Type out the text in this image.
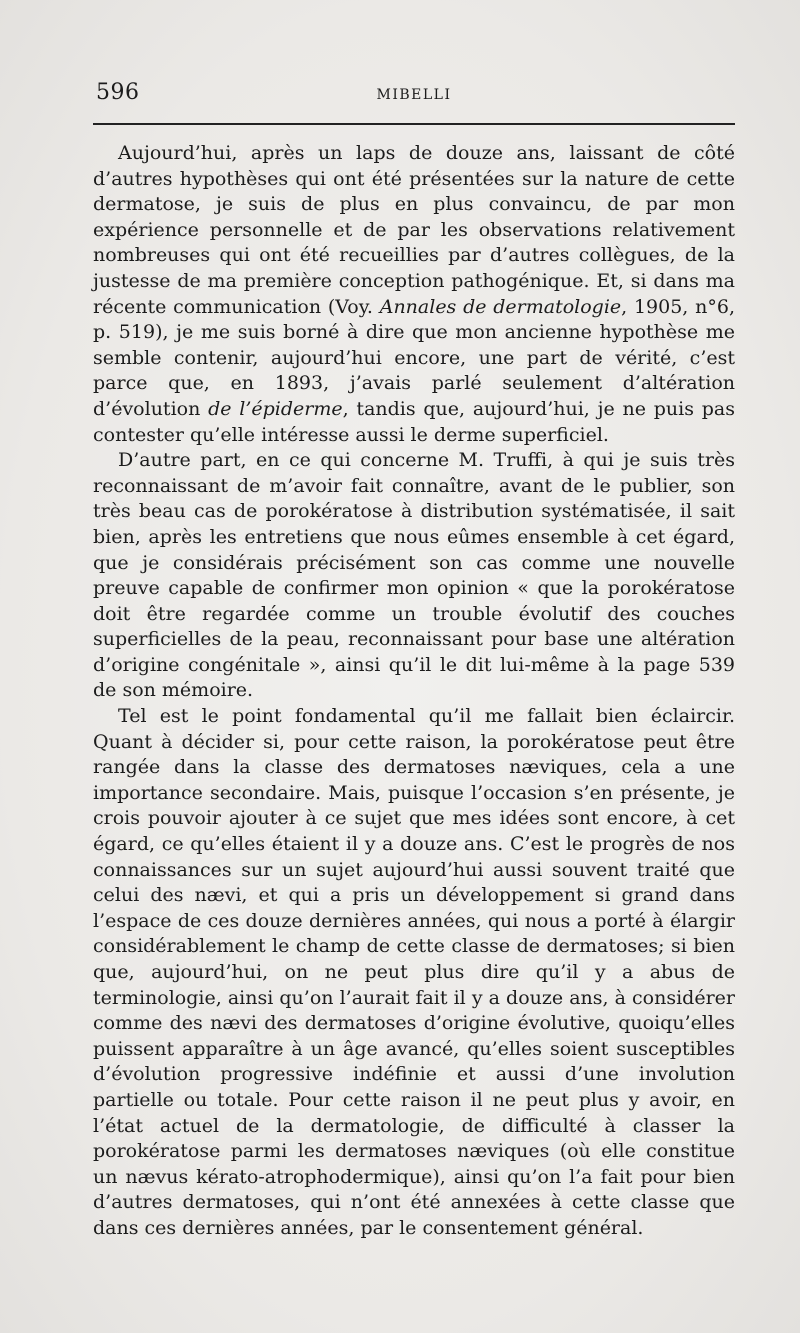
596	MIBELLI

Aujourd’hui, après un laps de douze ans, laissant de côté d’autres hypothèses qui ont été présentées sur la nature de cette dermatose, je suis de plus en plus convaincu, de par mon expérience personnelle et de par les observations relativement nombreuses qui ont été recueillies par d’autres collègues, de la justesse de ma première conception pathogénique. Et, si dans ma récente communication (Voy. Annales de dermatologie, 1905, n°6, p. 519), je me suis borné à dire que mon ancienne hypothèse me semble contenir, aujourd’hui encore, une part de vérité, c’est parce que, en 1893, j’avais parlé seulement d’altération d’évolution de l’épiderme, tandis que, aujourd’hui, je ne puis pas contester qu’elle intéresse aussi le derme superficiel.

D’autre part, en ce qui concerne M. Truffi, à qui je suis très reconnaissant de m’avoir fait connaître, avant de le publier, son très beau cas de porokératose à distribution systématisée, il sait bien, après les entretiens que nous eûmes ensemble à cet égard, que je considérais précisément son cas comme une nouvelle preuve capable de confirmer mon opinion « que la porokératose doit être regardée comme un trouble évolutif des couches superficielles de la peau, reconnaissant pour base une altération d’origine congénitale », ainsi qu’il le dit lui-même à la page 539 de son mémoire.

Tel est le point fondamental qu’il me fallait bien éclaircir. Quant à décider si, pour cette raison, la porokératose peut être rangée dans la classe des dermatoses næviques, cela a une importance secondaire. Mais, puisque l’occasion s’en présente, je crois pouvoir ajouter à ce sujet que mes idées sont encore, à cet égard, ce qu’elles étaient il y a douze ans. C’est le progrès de nos connaissances sur un sujet aujourd’hui aussi souvent traité que celui des nævi, et qui a pris un développement si grand dans l’espace de ces douze dernières années, qui nous a porté à élargir considérablement le champ de cette classe de dermatoses; si bien que, aujourd’hui, on ne peut plus dire qu’il y a abus de terminologie, ainsi qu’on l’aurait fait il y a douze ans, à considérer comme des nævi des dermatoses d’origine évolutive, quoiqu’elles puissent apparaître à un âge avancé, qu’elles soient susceptibles d’évolution progressive indéfinie et aussi d’une involution partielle ou totale. Pour cette raison il ne peut plus y avoir, en l’état actuel de la dermatologie, de difficulté à classer la porokératose parmi les dermatoses næviques (où elle constitue un nævus kérato-atrophodermique), ainsi qu’on l’a fait pour bien d’autres dermatoses, qui n’ont été annexées à cette classe que dans ces dernières années, par le consentement général.
